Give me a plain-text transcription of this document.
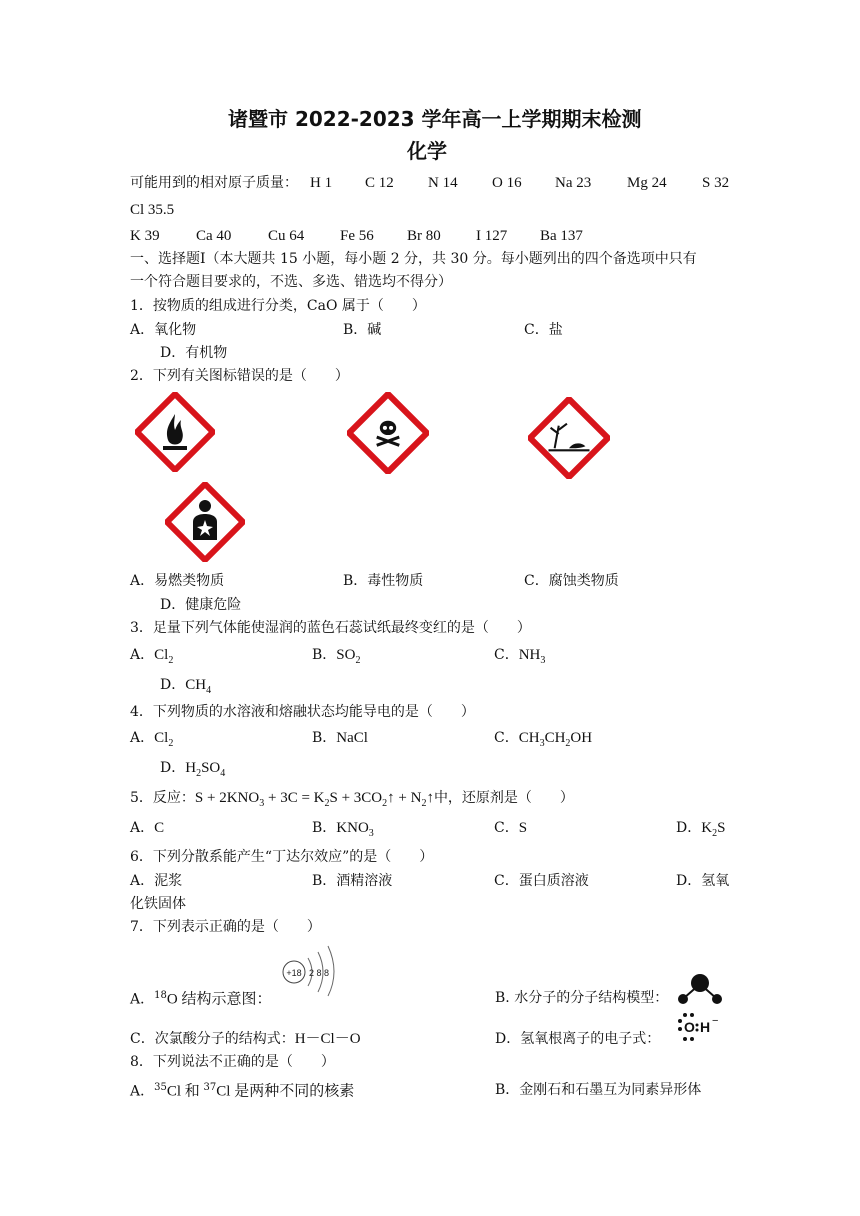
诸暨市 2022-2023 学年高一上学期期末检测
化学
可能用到的相对原子质量： H 1 C 12 N 14 O 16 Na 23 Mg 24 S 32
Cl 35.5
K 39 Ca 40 Cu 64 Fe 56 Br 80 I 127 Ba 137
一、选择题Ⅰ（本大题共 15 小题，每小题 2 分，共 30 分。每小题列出的四个备选项中只有
一个符合题目要求的，不选、多选、错选均不得分）
1．按物质的组成进行分类，CaO 属于（　　）
A．氧化物	B．碱	C．盐
D．有机物
2．下列有关图标错误的是（　　）
A．易燃类物质	B．毒性物质	C．腐蚀类物质
D．健康危险
3．足量下列气体能使湿润的蓝色石蕊试纸最终变红的是（　　）
A．$Cl_2$	B．$SO_2$	C．$NH_3$
D．$CH_4$
4．下列物质的水溶液和熔融状态均能导电的是（　　）
A．$Cl_2$	B．NaCl	C．$CH_3CH_2OH$
D．$H_2SO_4$
5．反应：$S + 2KNO_3 + 3C = K_2S$ + $3CO_2↑$ + $N_2↑$中，还原剂是（　　）
A．C	B．$KNO_3$	C．S	D．$K_2S$
6．下列分散系能产生“丁达尔效应”的是（　　）
A．泥浆	B．酒精溶液	C．蛋白质溶液	D．氢氧
化铁固体
7．下列表示正确的是（　　）
+18 2 8 8
A．$^{18}$O 结构示意图：	B. 水分子的分子结构模型：
C．次氯酸分子的结构式：H－Cl－O	D．氢氧根离子的电子式：
O H −
8．下列说法不正确的是（　　）
A．$^{35}$Cl 和 $^{37}$Cl 是两种不同的核素	B．金刚石和石墨互为同素异形体
